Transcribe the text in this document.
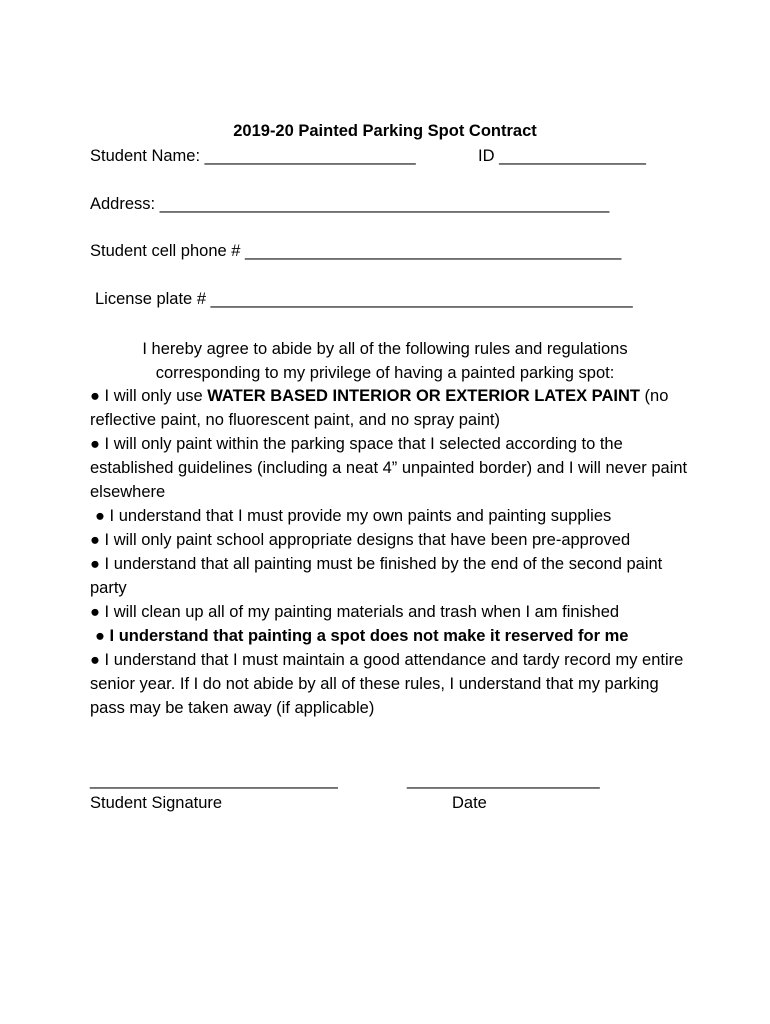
2019-20 Painted Parking Spot Contract
Student Name: _______________________	ID ________________
Address: _________________________________________________
Student cell phone # _________________________________________
License plate # ______________________________________________
I hereby agree to abide by all of the following rules and regulations corresponding to my privilege of having a painted parking spot:

● I will only use WATER BASED INTERIOR OR EXTERIOR LATEX PAINT (no reflective paint, no fluorescent paint, and no spray paint)

● I will only paint within the parking space that I selected according to the established guidelines (including a neat 4” unpainted border) and I will never paint elsewhere

● I understand that I must provide my own paints and painting supplies

● I will only paint school appropriate designs that have been pre-approved

● I understand that all painting must be finished by the end of the second paint party

● I will clean up all of my painting materials and trash when I am finished

● I understand that painting a spot does not make it reserved for me

● I understand that I must maintain a good attendance and tardy record my entire senior year. If I do not abide by all of these rules, I understand that my parking pass may be taken away (if applicable)

___________________________	_____________________
Student Signature	Date
